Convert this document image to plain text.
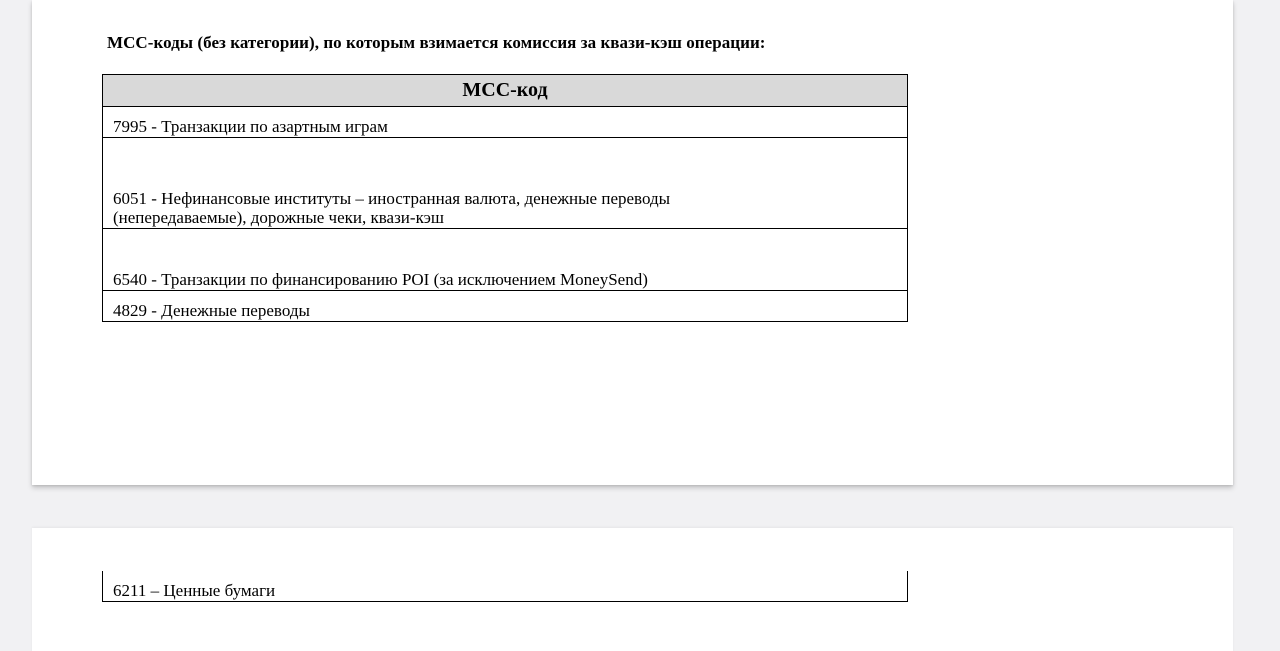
МСС-коды (без категории), по которым взимается комиссия за квази-кэш операции:
МСС-код
7995 - Транзакции по азартным играм
6051 - Нефинансовые институты – иностранная валюта, денежные переводы
(непередаваемые), дорожные чеки, квази-кэш
6540 - Транзакции по финансированию POI (за исключением MoneySend)
4829 - Денежные переводы
6211 – Ценные бумаги
